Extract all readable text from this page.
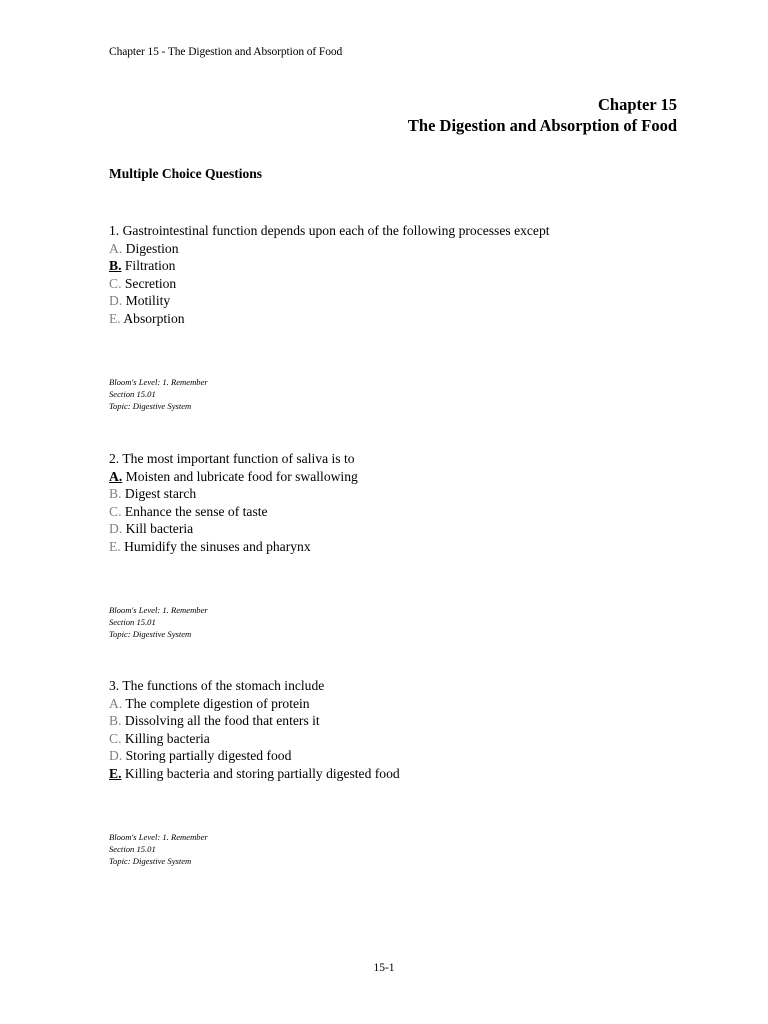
Chapter 15 - The Digestion and Absorption of Food
Chapter 15
The Digestion and Absorption of Food
Multiple Choice Questions
1. Gastrointestinal function depends upon each of the following processes except
A. Digestion
B. Filtration
C. Secretion
D. Motility
E. Absorption
Bloom's Level: 1. Remember
Section 15.01
Topic: Digestive System
2. The most important function of saliva is to
A. Moisten and lubricate food for swallowing
B. Digest starch
C. Enhance the sense of taste
D. Kill bacteria
E. Humidify the sinuses and pharynx
Bloom's Level: 1. Remember
Section 15.01
Topic: Digestive System
3. The functions of the stomach include
A. The complete digestion of protein
B. Dissolving all the food that enters it
C. Killing bacteria
D. Storing partially digested food
E. Killing bacteria and storing partially digested food
Bloom's Level: 1. Remember
Section 15.01
Topic: Digestive System
15-1
